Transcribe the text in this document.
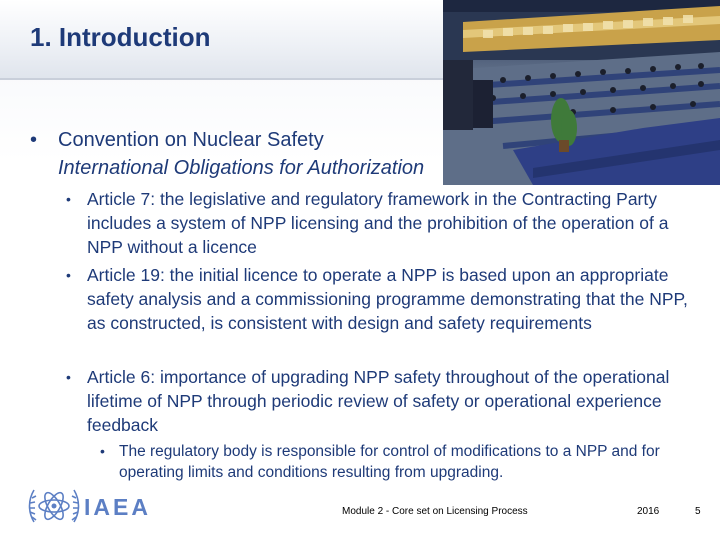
1. Introduction
• Convention on Nuclear Safety
International Obligations for Authorization
• Article 7: the legislative and regulatory framework in the Contracting Party includes a system of NPP licensing and the prohibition of the operation of a NPP without a licence
• Article 19: the initial licence to operate a NPP is based upon an appropriate safety analysis and a commissioning programme demonstrating that the NPP, as constructed, is consistent with design and safety requirements
• Article 6: importance of upgrading NPP safety throughout of the operational lifetime of NPP through periodic review of safety or operational experience feedback
• The regulatory body is responsible for control of modifications to a NPP and for operating limits and conditions resulting from upgrading.
IAEA	Module 2 - Core set on Licensing Process	2016	5
